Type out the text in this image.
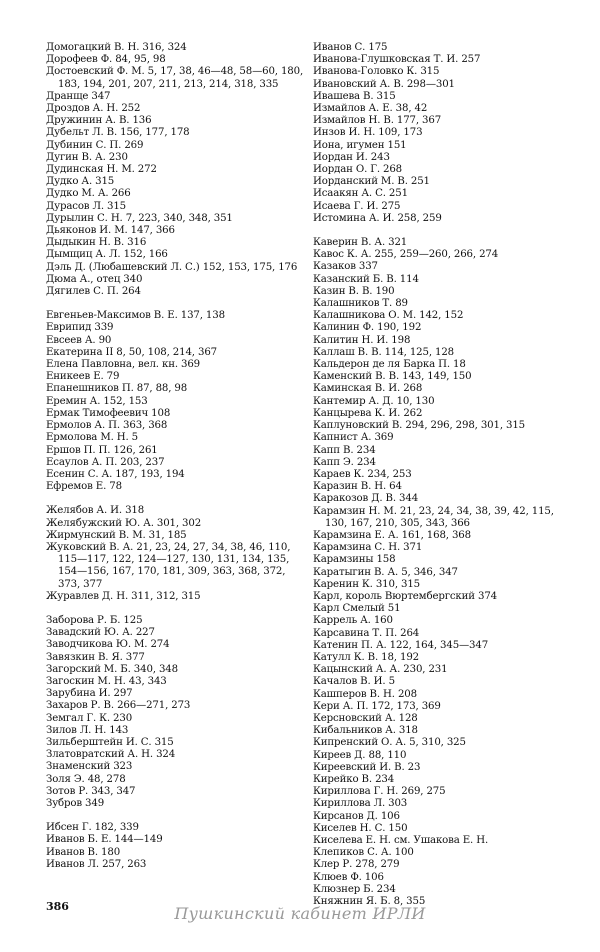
Домогацкий В. Н. 316, 324
Дорофеев Ф. 84, 95, 98
Достоевский Ф. М. 5, 17, 38, 46—48, 58—60, 180, 183, 194, 201, 207, 211, 213, 214, 318, 335
Дранще 347
Дроздов А. Н. 252
Дружинин А. В. 136
Дубельт Л. В. 156, 177, 178
Дубинин С. П. 269
Дугин В. А. 230
Дудинская Н. М. 272
Дудко А. 315
Дудко М. А. 266
Дурасов Л. 315
Дурылин С. Н. 7, 223, 340, 348, 351
Дьяконов И. М. 147, 366
Дыдыкин Н. В. 316
Дымщиц А. Л. 152, 166
Дэль Д. (Любашевский Л. С.) 152, 153, 175, 176
Дюма А., отец 340
Дягилев С. П. 264
Евгеньев-Максимов В. Е. 137, 138
Еврипид 339
Евсеев А. 90
Екатерина II 8, 50, 108, 214, 367
Елена Павловна, вел. кн. 369
Еникеев Е. 79
Епанешников П. 87, 88, 98
Еремин А. 152, 153
Ермак Тимофеевич 108
Ермолов А. П. 363, 368
Ермолова М. Н. 5
Ершов П. П. 126, 261
Есаулов А. П. 203, 237
Есенин С. А. 187, 193, 194
Ефремов Е. 78
Желябов А. И. 318
Желябужский Ю. А. 301, 302
Жирмунский В. М. 31, 185
Жуковский В. А. 21, 23, 24, 27, 34, 38, 46, 110, 115—117, 122, 124—127, 130, 131, 134, 135, 154—156, 167, 170, 181, 309, 363, 368, 372, 373, 377
Журавлев Д. Н. 311, 312, 315
Заборова Р. Б. 125
Завадский Ю. А. 227
Заводчикова Ю. М. 274
Завязкин В. Я. 377
Загорский М. Б. 340, 348
Загоскин М. Н. 43, 343
Зарубина И. 297
Захаров Р. В. 266—271, 273
Земгал Г. К. 230
Зилов Л. Н. 143
Зильберштейн И. С. 315
Златовратский А. Н. 324
Знаменский 323
Золя Э. 48, 278
Зотов Р. 343, 347
Зубров 349
Ибсен Г. 182, 339
Иванов Б. Е. 144—149
Иванов В. 180
Иванов Л. 257, 263
Иванов С. 175
Иванова-Глушковская Т. И. 257
Иванова-Головко К. 315
Ивановский А. В. 298—301
Ивашева В. 315
Измайлов А. Е. 38, 42
Измайлов Н. В. 177, 367
Инзов И. Н. 109, 173
Иона, игумен 151
Иордан И. 243
Иордан О. Г. 268
Иорданский М. В. 251
Исаакян А. С. 251
Исаева Г. И. 275
Истомина А. И. 258, 259
Каверин В. А. 321
Кавос К. А. 255, 259—260, 266, 274
Казаков 337
Казанский Б. В. 114
Казин В. В. 190
Калашников Т. 89
Калашникова О. М. 142, 152
Калинин Ф. 190, 192
Калитин Н. И. 198
Каллаш В. В. 114, 125, 128
Кальдерон де ля Барка П. 18
Каменский В. В. 143, 149, 150
Каминская В. И. 268
Кантемир А. Д. 10, 130
Канцырева К. И. 262
Каплуновский В. 294, 296, 298, 301, 315
Капнист А. 369
Капп В. 234
Капп Э. 234
Караев К. 234, 253
Каразин В. Н. 64
Каракозов Д. В. 344
Карамзин Н. М. 21, 23, 24, 34, 38, 39, 42, 115, 130, 167, 210, 305, 343, 366
Карамзина Е. А. 161, 168, 368
Карамзина С. Н. 371
Карамзины 158
Каратыгин В. А. 5, 346, 347
Каренин К. 310, 315
Карл, король Вюртембергский 374
Карл Смелый 51
Каррель А. 160
Карсавина Т. П. 264
Катенин П. А. 122, 164, 345—347
Катулл К. В. 18, 192
Кацынский А. А. 230, 231
Качалов В. И. 5
Кашперов В. Н. 208
Кери А. П. 172, 173, 369
Керсновский А. 128
Кибальников А. 318
Кипренский О. А. 5, 310, 325
Киреев Д. 88, 110
Киреевский И. В. 23
Кирейко В. 234
Кириллова Г. Н. 269, 275
Кириллова Л. 303
Кирсанов Д. 106
Киселев Н. С. 150
Киселева Е. Н. см. Ушакова Е. Н.
Клепиков С. А. 100
Клер Р. 278, 279
Клюев Ф. 106
Клюзнер Б. 234
Княжнин Я. Б. 8, 355
386	Пушкинский кабинет ИРЛИ
